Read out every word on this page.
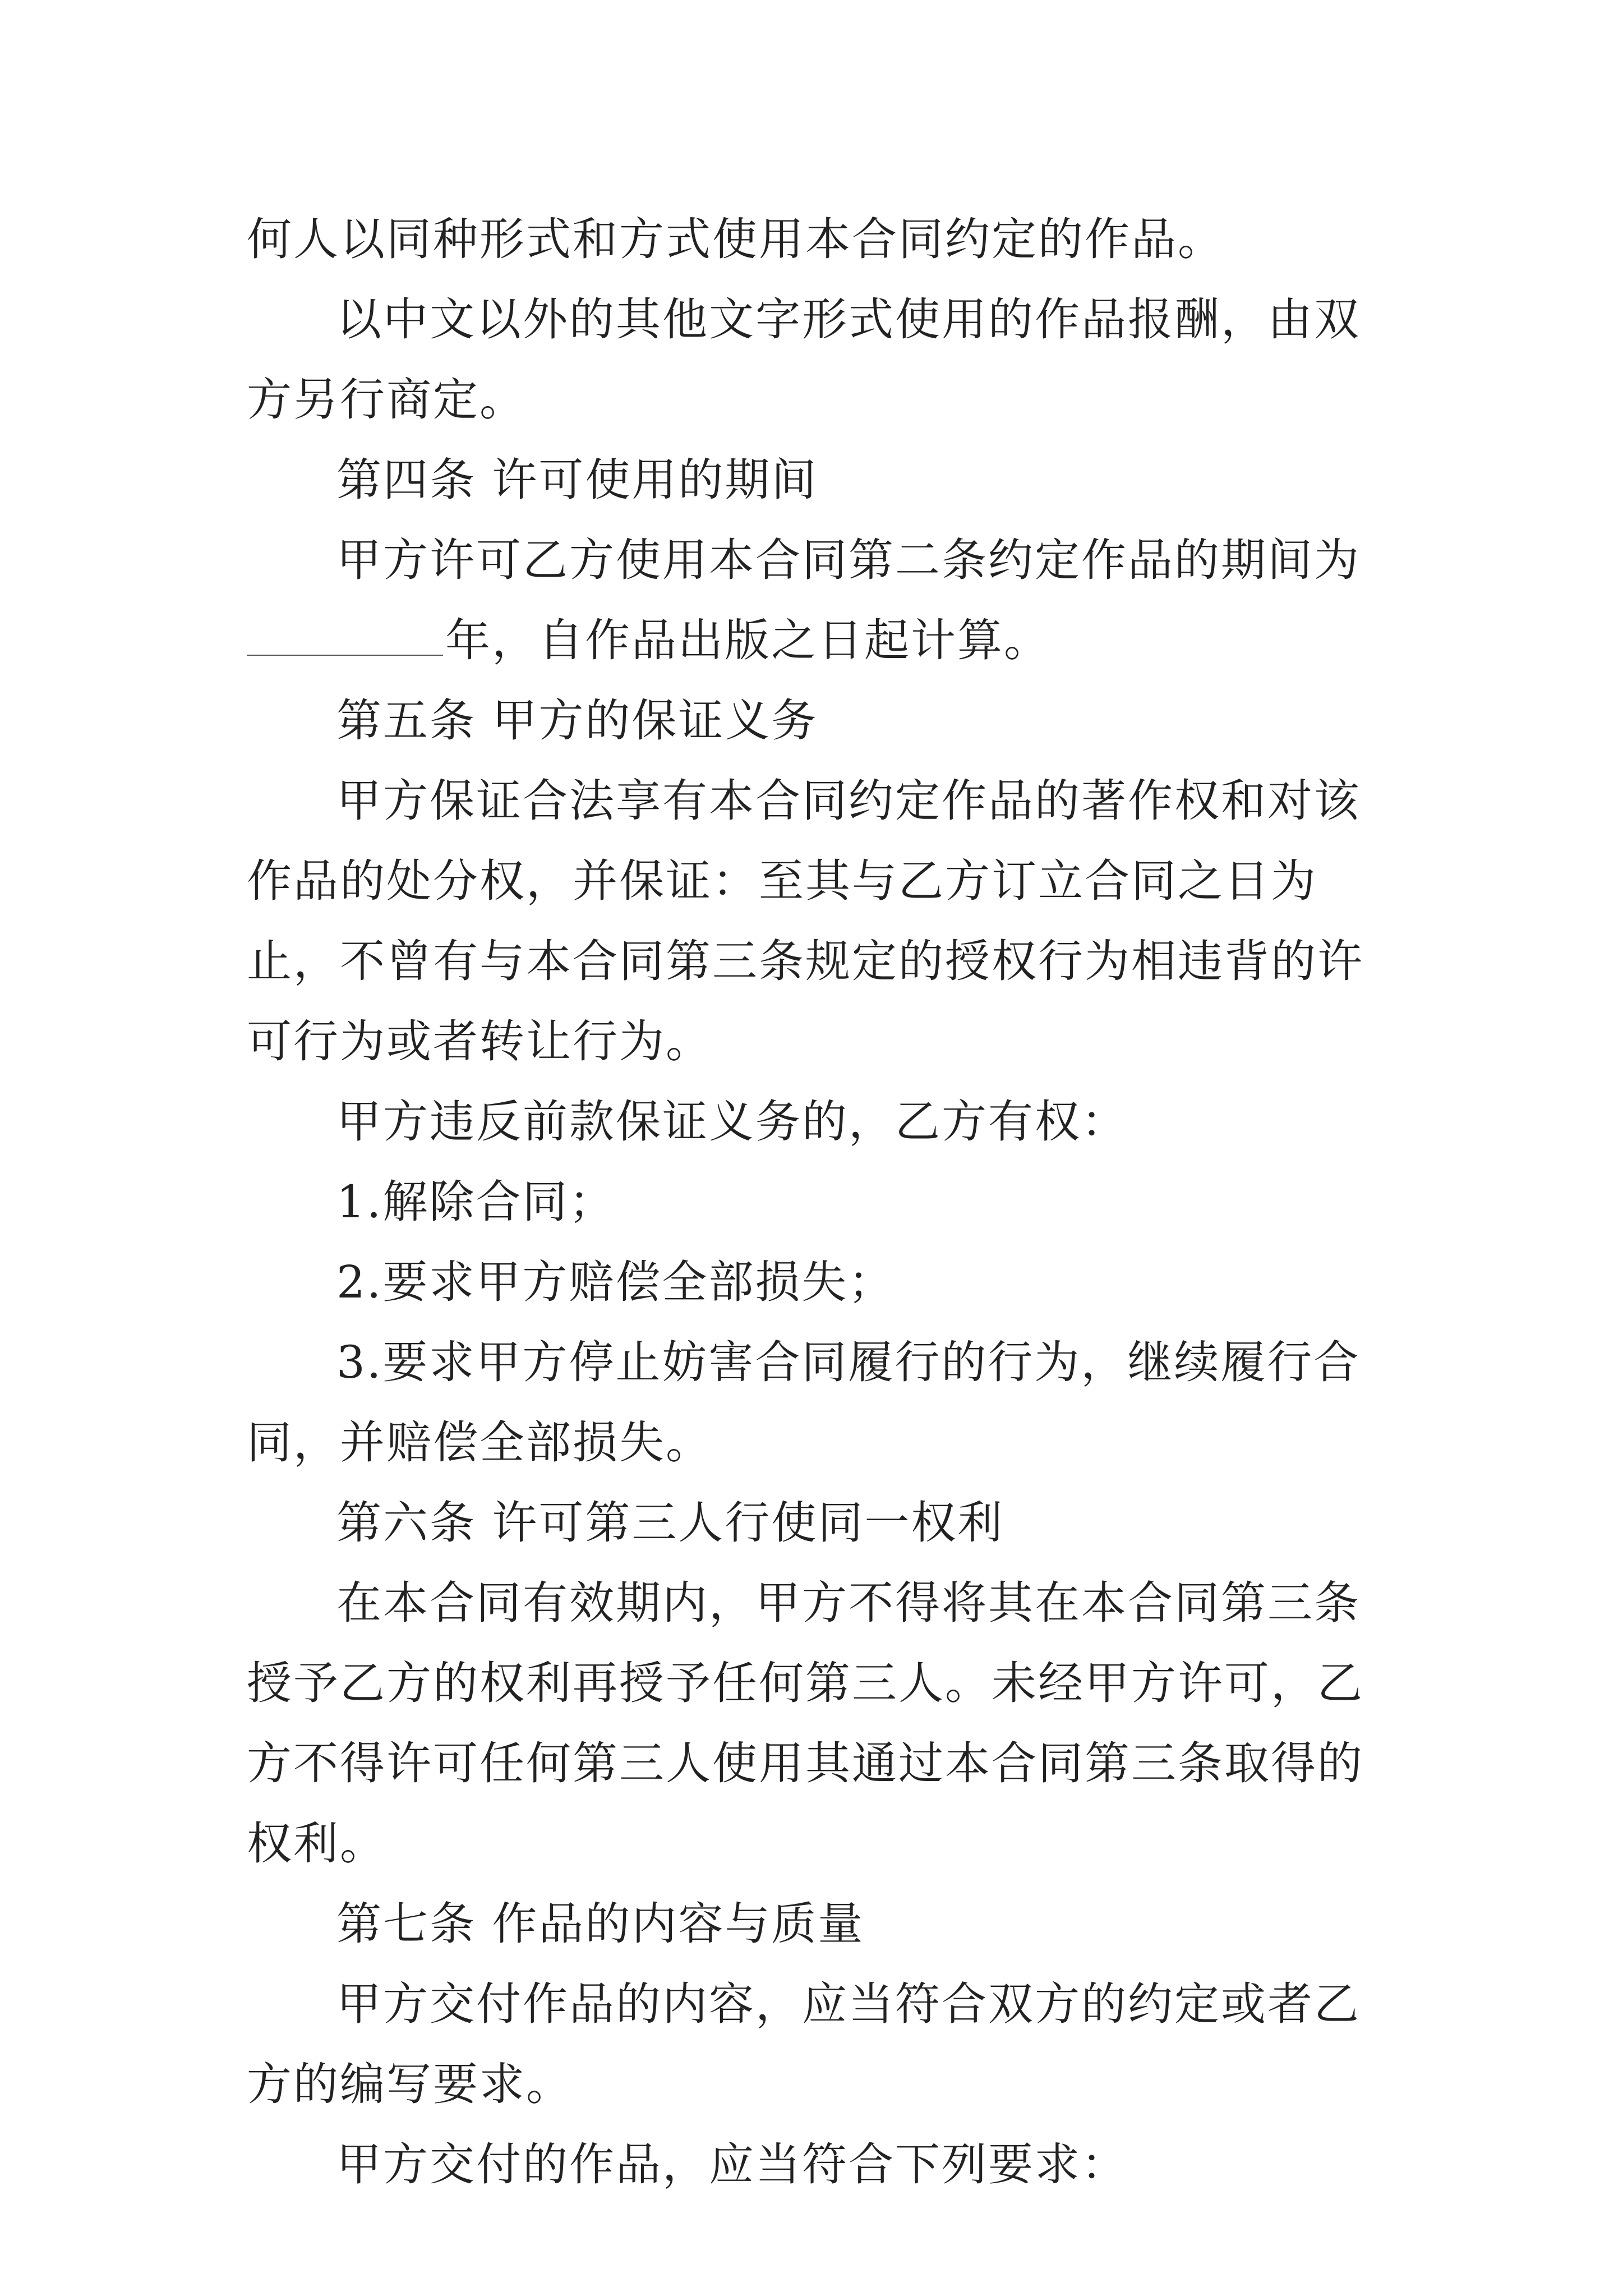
何人以同种形式和方式使用本合同约定的作品。

以中文以外的其他文字形式使用的作品报酬，由双方另行商定。

第四条 许可使用的期间

甲方许可乙方使用本合同第二条约定作品的期间为

年，自作品出版之日起计算。

第五条 甲方的保证义务

甲方保证合法享有本合同约定作品的著作权和对该作品的处分权，并保证：至其与乙方订立合同之日为止，不曾有与本合同第三条规定的授权行为相违背的许可行为或者转让行为。

甲方违反前款保证义务的，乙方有权：

1.解除合同；

2.要求甲方赔偿全部损失；

3.要求甲方停止妨害合同履行的行为，继续履行合同，并赔偿全部损失。

第六条 许可第三人行使同一权利

在本合同有效期内，甲方不得将其在本合同第三条授予乙方的权利再授予任何第三人。未经甲方许可，乙方不得许可任何第三人使用其通过本合同第三条取得的权利。

第七条 作品的内容与质量

甲方交付作品的内容，应当符合双方的约定或者乙方的编写要求。

甲方交付的作品，应当符合下列要求：
